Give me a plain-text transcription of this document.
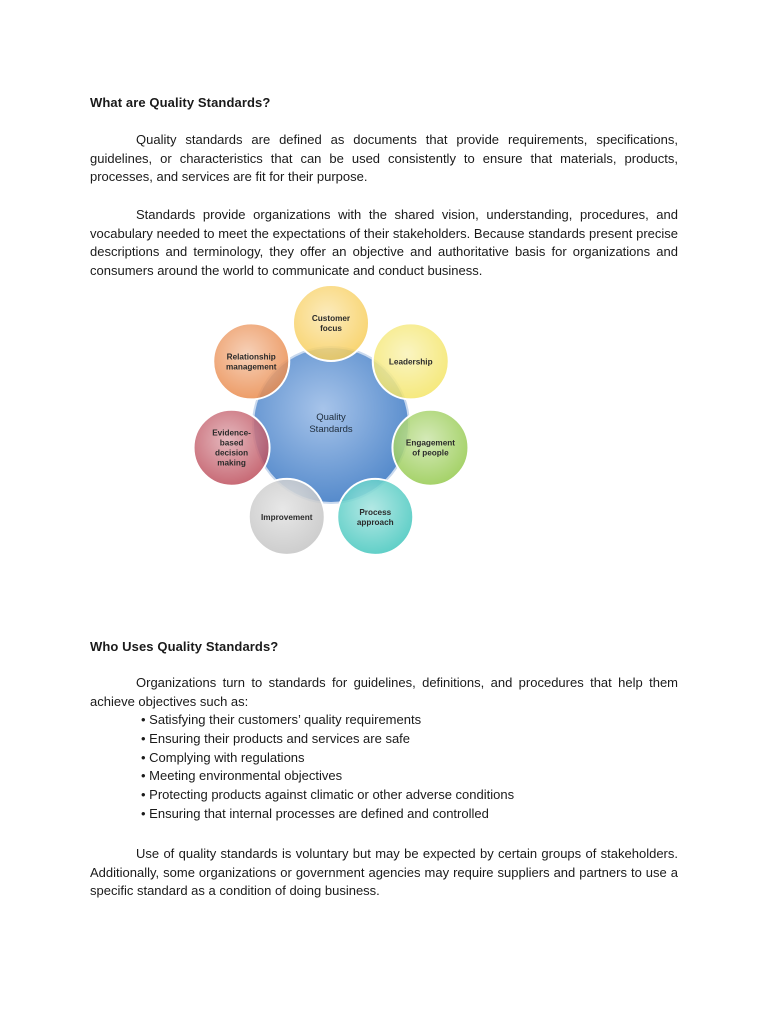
What are Quality Standards?

Quality standards are defined as documents that provide requirements, specifications, guidelines, or characteristics that can be used consistently to ensure that materials, products, processes, and services are fit for their purpose.

Standards provide organizations with the shared vision, understanding, procedures, and vocabulary needed to meet the expectations of their stakeholders. Because standards present precise descriptions and terminology, they offer an objective and authoritative basis for organizations and consumers around the world to communicate and conduct business.

Customer
focus
Leadership
Engagement
of people
Process
approach
Improvement
Evidence-
based
decision
making
Relationship
management
Quality
Standards
Who Uses Quality Standards?

Organizations turn to standards for guidelines, definitions, and procedures that help them achieve objectives such as:

• Satisfying their customers’ quality requirements
• Ensuring their products and services are safe
• Complying with regulations
• Meeting environmental objectives
• Protecting products against climatic or other adverse conditions
• Ensuring that internal processes are defined and controlled

Use of quality standards is voluntary but may be expected by certain groups of stakeholders. Additionally, some organizations or government agencies may require suppliers and partners to use a specific standard as a condition of doing business.
